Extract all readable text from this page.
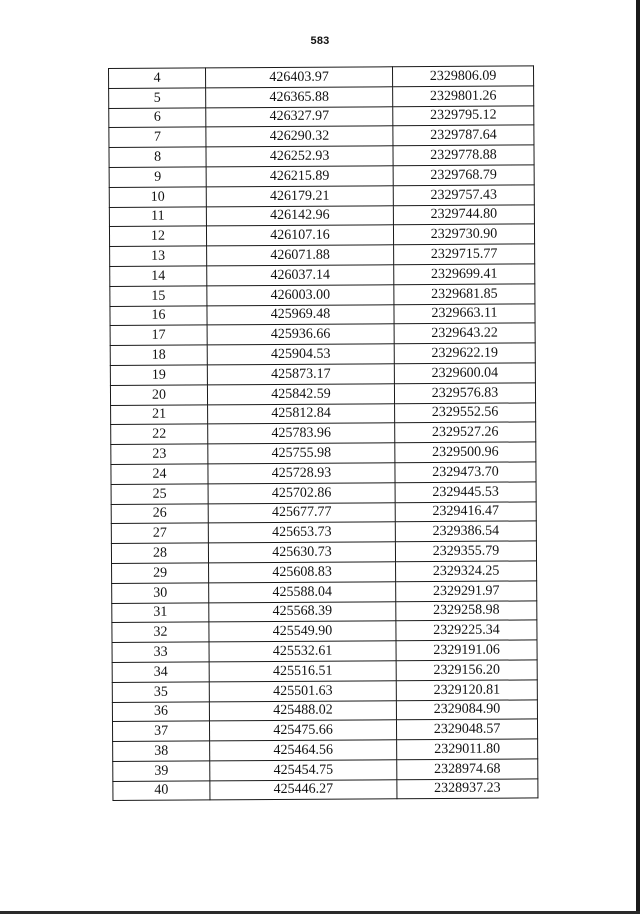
583
4	426403.97	2329806.09
5	426365.88	2329801.26
6	426327.97	2329795.12
7	426290.32	2329787.64
8	426252.93	2329778.88
9	426215.89	2329768.79
10	426179.21	2329757.43
11	426142.96	2329744.80
12	426107.16	2329730.90
13	426071.88	2329715.77
14	426037.14	2329699.41
15	426003.00	2329681.85
16	425969.48	2329663.11
17	425936.66	2329643.22
18	425904.53	2329622.19
19	425873.17	2329600.04
20	425842.59	2329576.83
21	425812.84	2329552.56
22	425783.96	2329527.26
23	425755.98	2329500.96
24	425728.93	2329473.70
25	425702.86	2329445.53
26	425677.77	2329416.47
27	425653.73	2329386.54
28	425630.73	2329355.79
29	425608.83	2329324.25
30	425588.04	2329291.97
31	425568.39	2329258.98
32	425549.90	2329225.34
33	425532.61	2329191.06
34	425516.51	2329156.20
35	425501.63	2329120.81
36	425488.02	2329084.90
37	425475.66	2329048.57
38	425464.56	2329011.80
39	425454.75	2328974.68
40	425446.27	2328937.23
